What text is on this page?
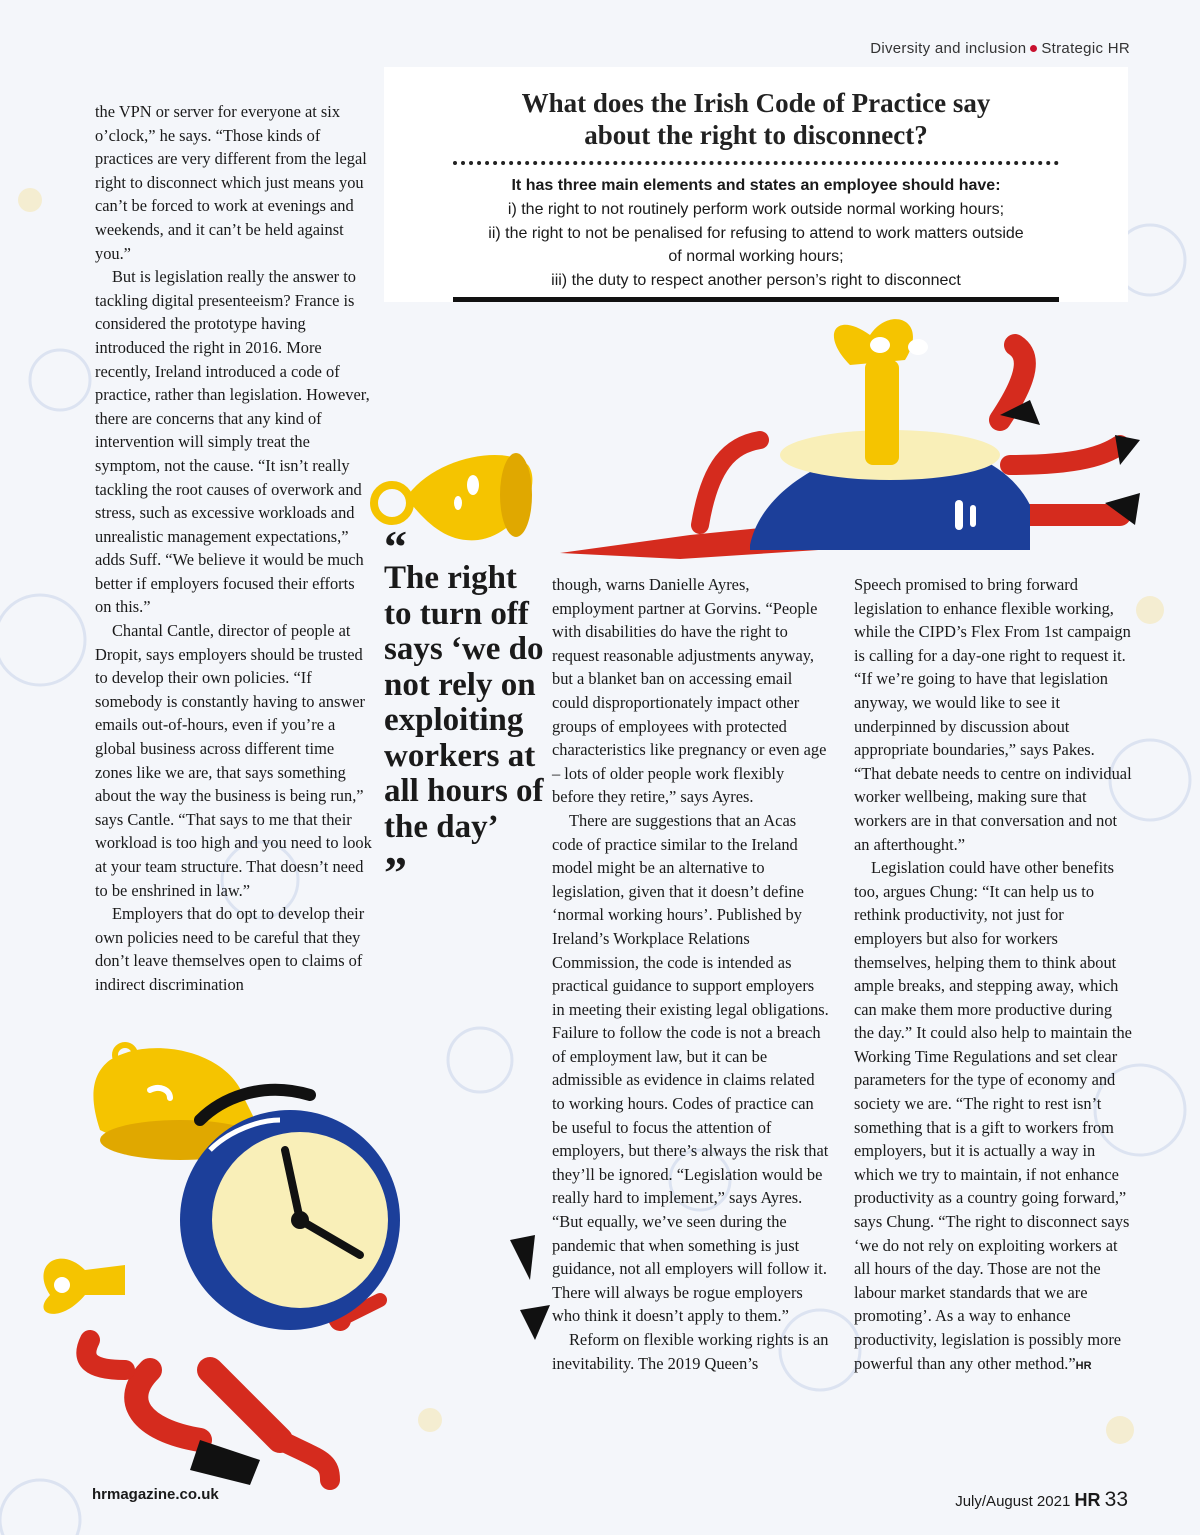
Diversity and inclusion Strategic HR
What does the Irish Code of Practice say
about the right to disconnect?
It has three main elements and states an employee should have:
i) the right to not routinely perform work outside normal working hours;
ii) the right to not be penalised for refusing to attend to work matters outside
of normal working hours;
iii) the duty to respect another person’s right to disconnect

the VPN or server for everyone at six o’clock,” he says. “Those kinds of practices are very different from the legal right to disconnect which just means you can’t be forced to work at evenings and weekends, and it can’t be held against you.”

But is legislation really the answer to tackling digital presenteeism? France is considered the prototype having introduced the right in 2016. More recently, Ireland introduced a code of practice, rather than legislation. However, there are concerns that any kind of intervention will simply treat the symptom, not the cause. “It isn’t really tackling the root causes of overwork and stress, such as excessive workloads and unrealistic management expectations,” adds Suff. “We believe it would be much better if employers focused their efforts on this.”

Chantal Cantle, director of people at Dropit, says employers should be trusted to develop their own policies. “If somebody is constantly having to answer emails out-of-hours, even if you’re a global business across different time zones like we are, that says something about the way the business is being run,” says Cantle. “That says to me that their workload is too high and you need to look at your team structure. That doesn’t need to be enshrined in law.”

Employers that do opt to develop their own policies need to be careful that they don’t leave themselves open to claims of indirect discrimination

“
The right to turn off says ‘we do not rely on exploiting workers at all hours of the day’
”

though, warns Danielle Ayres, employment partner at Gorvins. “People with disabilities do have the right to request reasonable adjustments anyway, but a blanket ban on accessing email could disproportionately impact other groups of employees with protected characteristics like pregnancy or even age – lots of older people work flexibly before they retire,” says Ayres.

There are suggestions that an Acas code of practice similar to the Ireland model might be an alternative to legislation, given that it doesn’t define ‘normal working hours’. Published by Ireland’s Workplace Relations Commission, the code is intended as practical guidance to support employers in meeting their existing legal obligations. Failure to follow the code is not a breach of employment law, but it can be admissible as evidence in claims related to working hours. Codes of practice can be useful to focus the attention of employers, but there’s always the risk that they’ll be ignored. “Legislation would be really hard to implement,” says Ayres. “But equally, we’ve seen during the pandemic that when something is just guidance, not all employers will follow it. There will always be rogue employers who think it doesn’t apply to them.”

Reform on flexible working rights is an inevitability. The 2019 Queen’s

Speech promised to bring forward legislation to enhance flexible working, while the CIPD’s Flex From 1st campaign is calling for a day-one right to request it. “If we’re going to have that legislation anyway, we would like to see it underpinned by discussion about appropriate boundaries,” says Pakes. “That debate needs to centre on individual worker wellbeing, making sure that workers are in that conversation and not an afterthought.”

Legislation could have other benefits too, argues Chung: “It can help us to rethink productivity, not just for employers but also for workers themselves, helping them to think about ample breaks, and stepping away, which can make them more productive during the day.” It could also help to maintain the Working Time Regulations and set clear parameters for the type of economy and society we are. “The right to rest isn’t something that is a gift to workers from employers, but it is actually a way in which we try to maintain, if not enhance productivity as a country going forward,” says Chung. “The right to disconnect says ‘we do not rely on exploiting workers at all hours of the day. Those are not the labour market standards that we are promoting’. As a way to enhance productivity, legislation is possibly more powerful than any other method.”HR

hrmagazine.co.uk	July/August 2021 HR 33
